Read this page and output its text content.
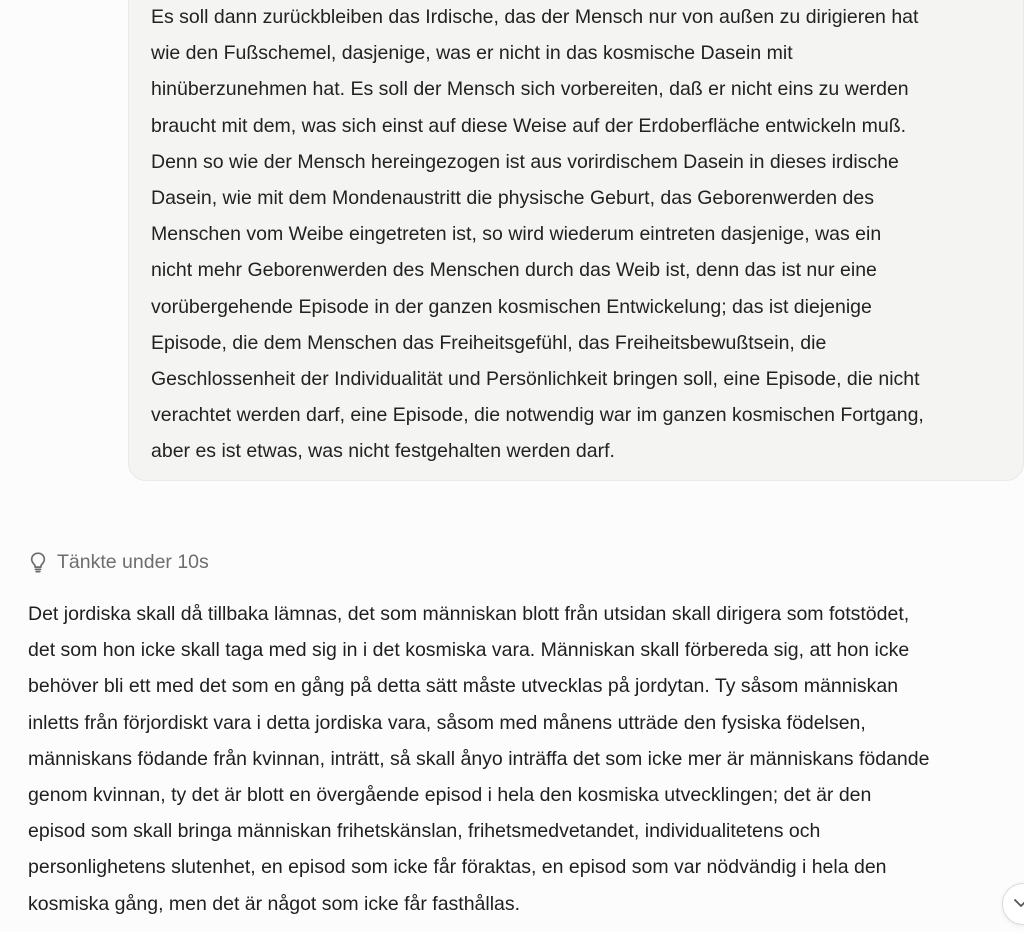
Es soll dann zurückbleiben das Irdische, das der Mensch nur von außen zu dirigieren hat
wie den Fußschemel, dasjenige, was er nicht in das kosmische Dasein mit
hinüberzunehmen hat. Es soll der Mensch sich vorbereiten, daß er nicht eins zu werden
braucht mit dem, was sich einst auf diese Weise auf der Erdoberfläche entwickeln muß.
Denn so wie der Mensch hereingezogen ist aus vorirdischem Dasein in dieses irdische
Dasein, wie mit dem Mondenaustritt die physische Geburt, das Geborenwerden des
Menschen vom Weibe eingetreten ist, so wird wiederum eintreten dasjenige, was ein
nicht mehr Geborenwerden des Menschen durch das Weib ist, denn das ist nur eine
vorübergehende Episode in der ganzen kosmischen Entwickelung; das ist diejenige
Episode, die dem Menschen das Freiheitsgefühl, das Freiheitsbewußtsein, die
Geschlossenheit der Individualität und Persönlichkeit bringen soll, eine Episode, die nicht
verachtet werden darf, eine Episode, die notwendig war im ganzen kosmischen Fortgang,
aber es ist etwas, was nicht festgehalten werden darf.

Tänkte under 10s

Det jordiska skall då tillbaka lämnas, det som människan blott från utsidan skall dirigera som fotstödet,
det som hon icke skall taga med sig in i det kosmiska vara. Människan skall förbereda sig, att hon icke
behöver bli ett med det som en gång på detta sätt måste utvecklas på jordytan. Ty såsom människan
inletts från förjordiskt vara i detta jordiska vara, såsom med månens utträde den fysiska födelsen,
människans födande från kvinnan, inträtt, så skall ånyo inträffa det som icke mer är människans födande
genom kvinnan, ty det är blott en övergående episod i hela den kosmiska utvecklingen; det är den
episod som skall bringa människan frihetskänslan, frihetsmedvetandet, individualitetens och
personlighetens slutenhet, en episod som icke får föraktas, en episod som var nödvändig i hela den
kosmiska gång, men det är något som icke får fasthållas.
